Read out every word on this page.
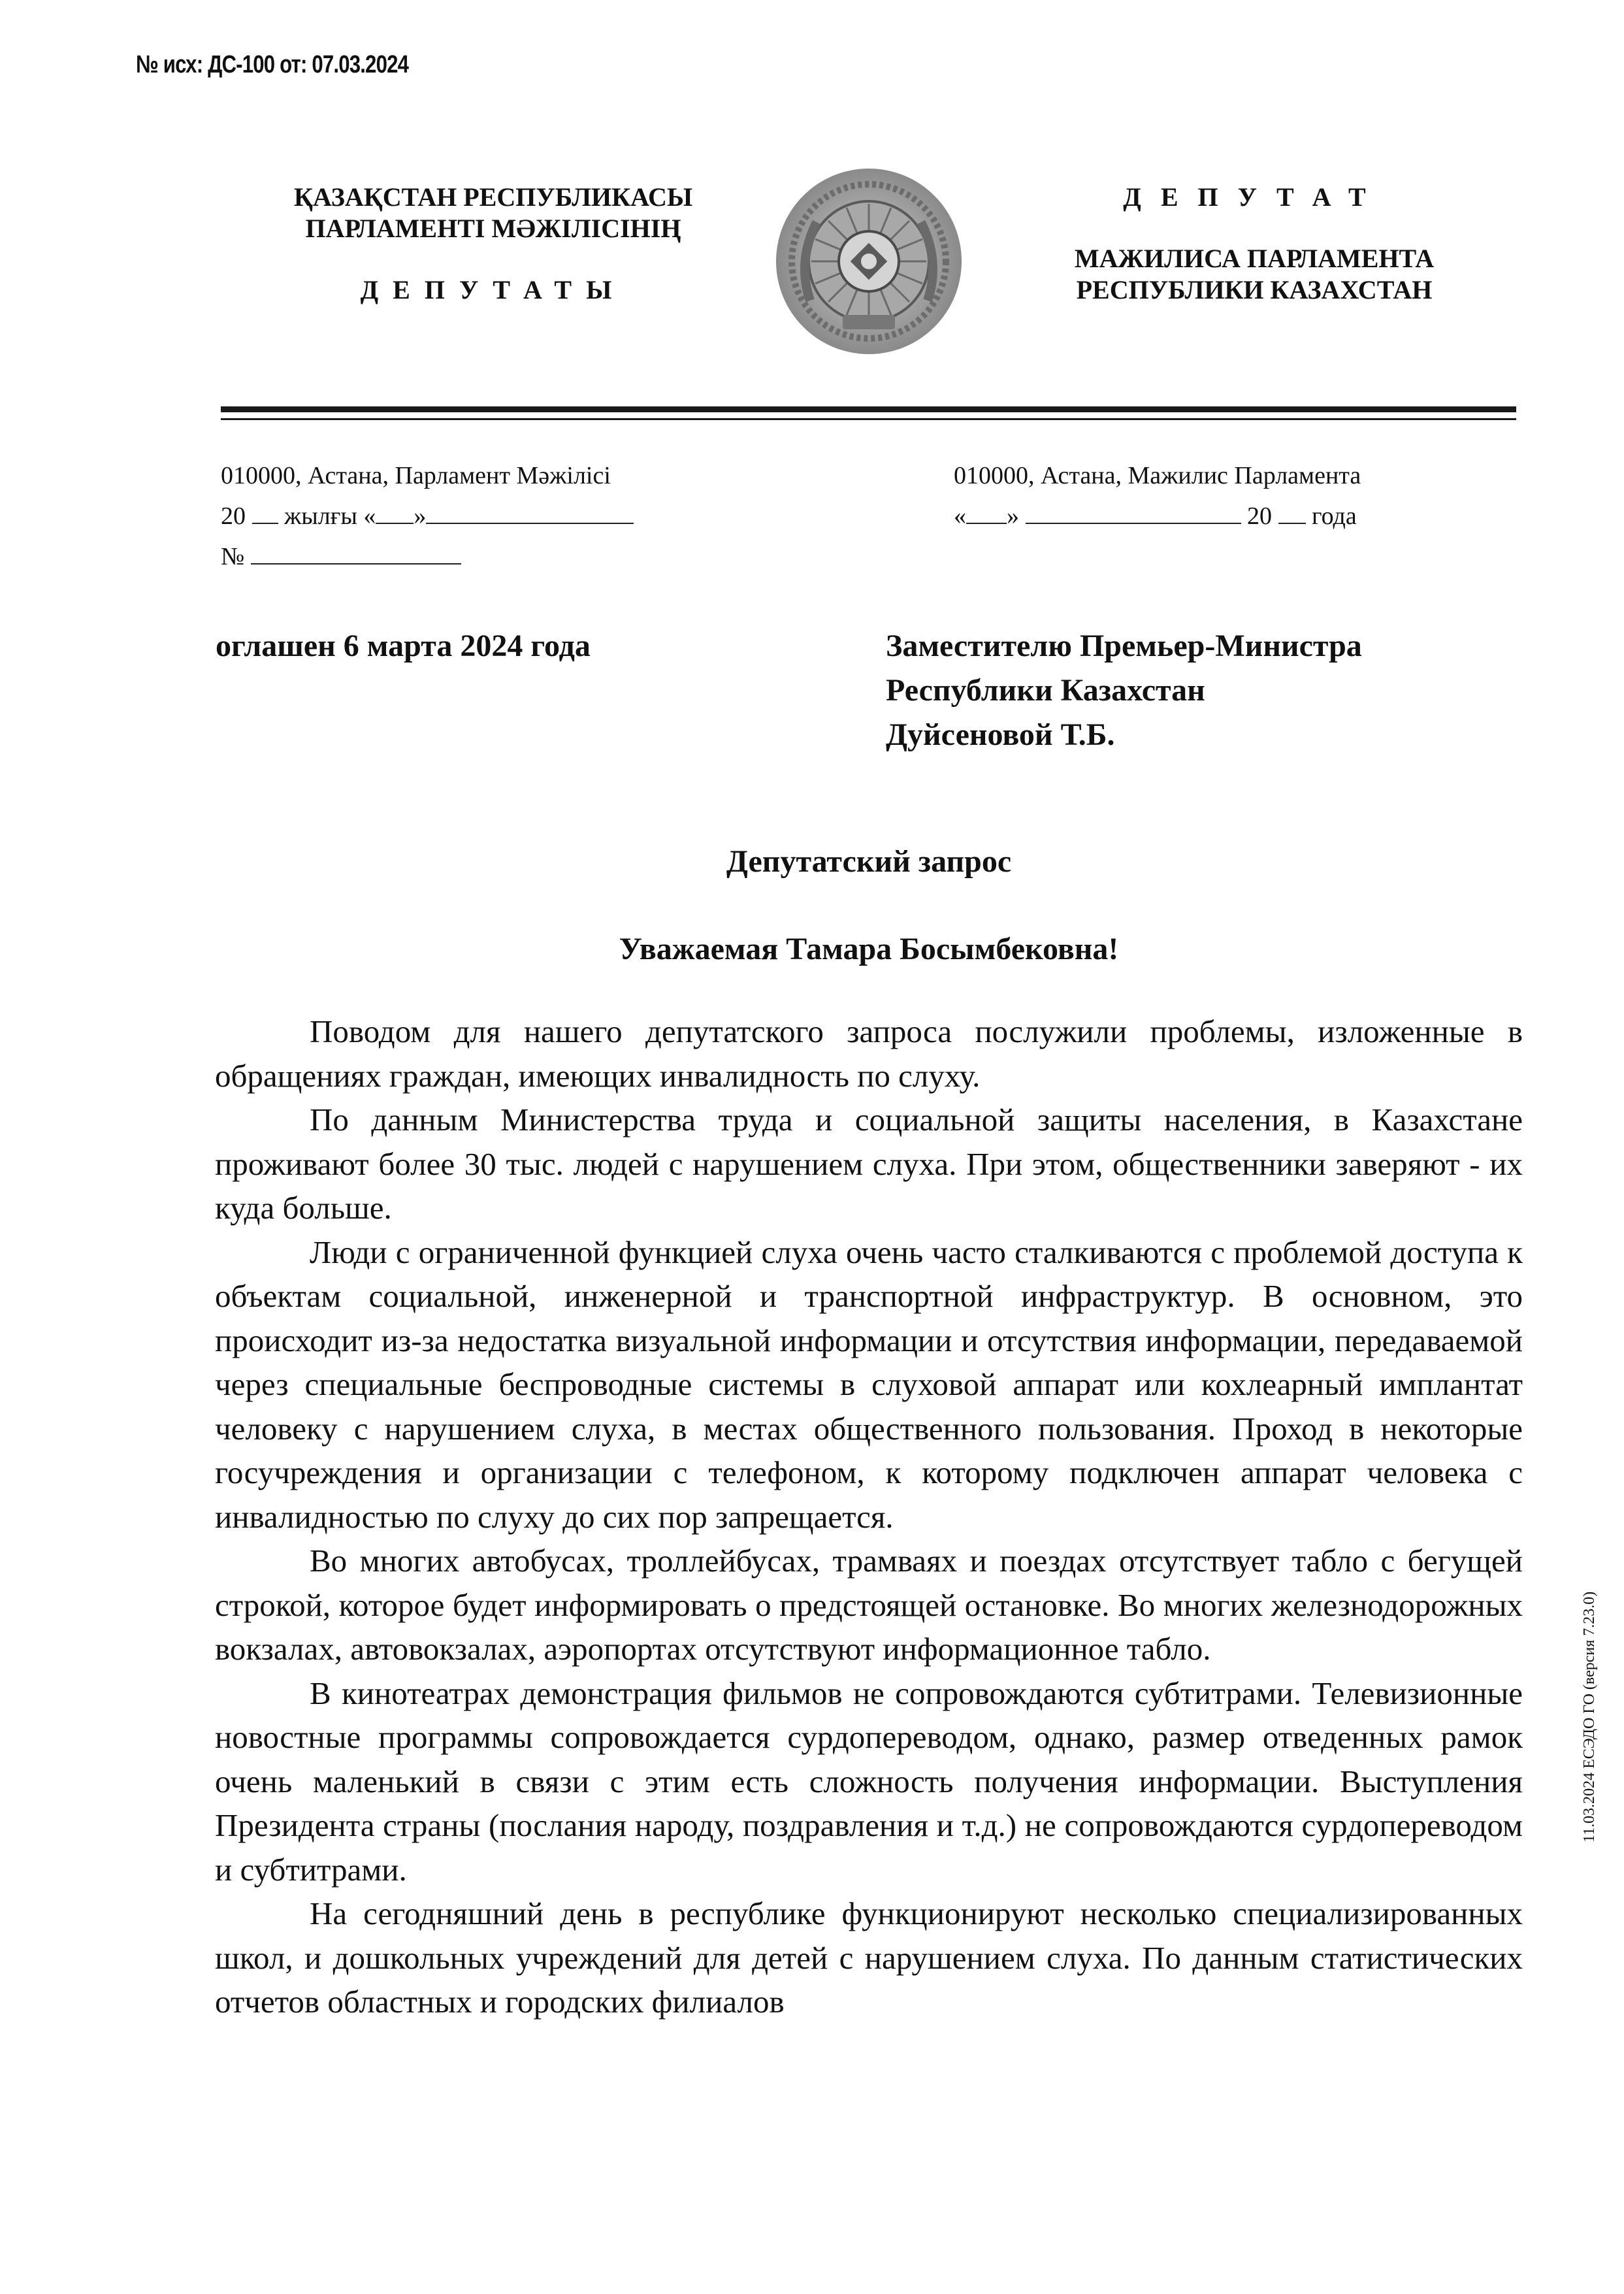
№ исх: ДС-100 от: 07.03.2024
ҚАЗАҚСТАН РЕСПУБЛИКАСЫ
ПАРЛАМЕНТІ МӘЖІЛІСІНІҢ
ДЕПУТАТЫ
ДЕПУТАТ
МАЖИЛИСА ПАРЛАМЕНТА
РЕСПУБЛИКИ КАЗАХСТАН
010000, Астана, Парламент Мәжілісі
20 жылғы « »
№
010000, Астана, Мажилис Парламента
« »	20 года
оглашен 6 марта 2024 года	Заместителю Премьер-Министра
Республики Казахстан
Дуйсеновой Т.Б.
Депутатский запрос
Уважаемая Тамара Босымбековна!

Поводом для нашего депутатского запроса послужили проблемы, изложенные в обращениях граждан, имеющих инвалидность по слуху.

По данным Министерства труда и социальной защиты населения, в Казахстане проживают более 30 тыс. людей с нарушением слуха. При этом, общественники заверяют - их куда больше.

Люди с ограниченной функцией слуха очень часто сталкиваются с проблемой доступа к объектам социальной, инженерной и транспортной инфраструктур. В основном, это происходит из-за недостатка визуальной информации и отсутствия информации, передаваемой через специальные беспроводные системы в слуховой аппарат или кохлеарный имплантат человеку с нарушением слуха, в местах общественного пользования. Проход в некоторые госучреждения и организации с телефоном, к которому подключен аппарат человека с инвалидностью по слуху до сих пор запрещается.

Во многих автобусах, троллейбусах, трамваях и поездах отсутствует табло с бегущей строкой, которое будет информировать о предстоящей остановке. Во многих железнодорожных вокзалах, автовокзалах, аэропортах отсутствуют информационное табло.

В кинотеатрах демонстрация фильмов не сопровождаются субтитрами. Телевизионные новостные программы сопровождается сурдопереводом, однако, размер отведенных рамок очень маленький в связи с этим есть сложность получения информации. Выступления Президента страны (послания народу, поздравления и т.д.) не сопровождаются сурдопереводом и субтитрами.

На сегодняшний день в республике функционируют несколько специализированных школ, и дошкольных учреждений для детей с нарушением слуха. По данным статистических отчетов областных и городских филиалов

11.03.2024 ЕСЭДО ГО (версия 7.23.0)
